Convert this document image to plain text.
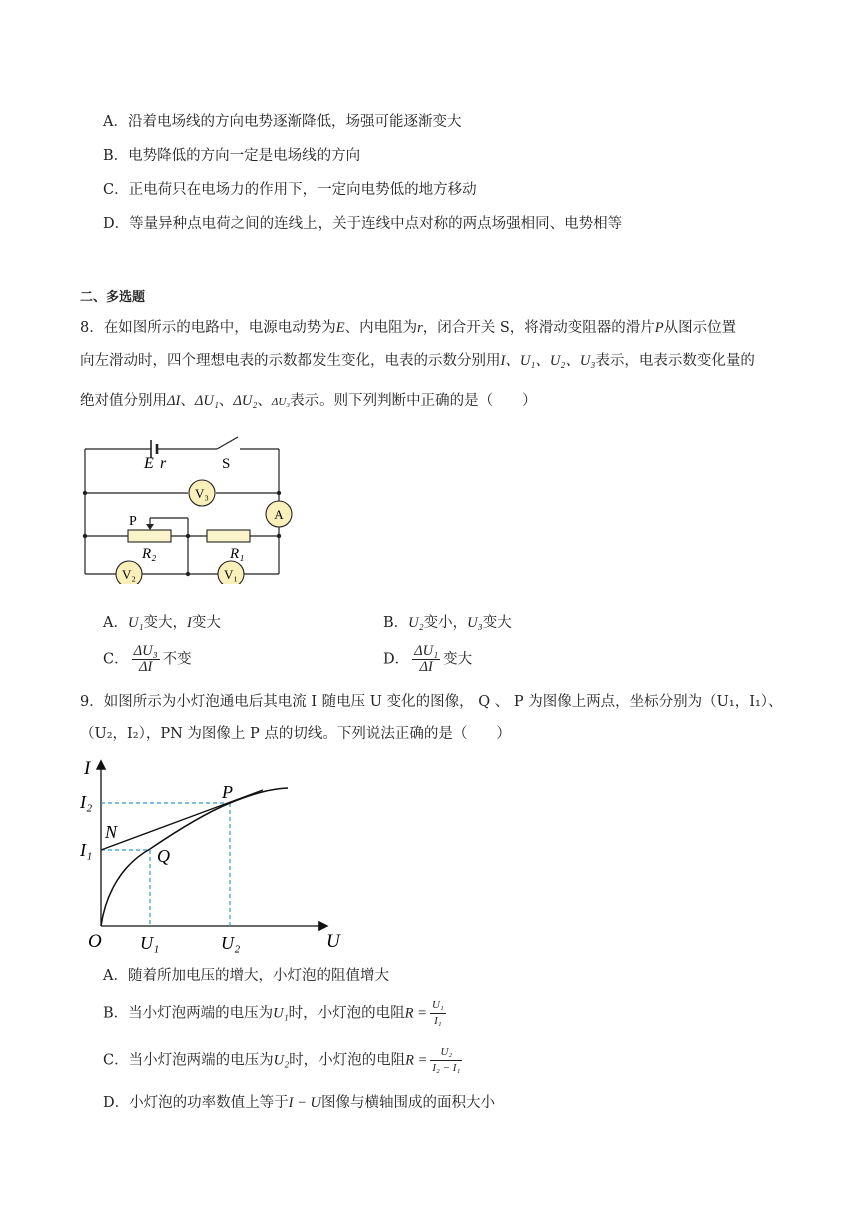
A．沿着电场线的方向电势逐渐降低，场强可能逐渐变大
B．电势降低的方向一定是电场线的方向
C．正电荷只在电场力的作用下，一定向电势低的地方移动
D．等量异种点电荷之间的连线上，关于连线中点对称的两点场强相同、电势相等
二、多选题
8．在如图所示的电路中，电源电动势为E、内电阻为r，闭合开关 S，将滑动变阻器的滑片P从图示位置
向左滑动时，四个理想电表的示数都发生变化，电表的示数分别用I、U₁、U₂、U₃表示，电表示数变化量的
绝对值分别用ΔI、ΔU₁、ΔU₂、ΔU₃表示。则下列判断中正确的是（　　）
E r	S
V₃
A
P
R₂	R₁
V₂	V₁
A．U₁变大，I变大	B．U₂变小，U₃变大
C． $\frac{\text{ΔU₃}}{\Delta I}$ 不变	D． $\frac{\text{ΔU₁}}{\Delta I}$ 变大
9．如图所示为小灯泡通电后其电流 I 随电压 U 变化的图像， Q 、 P 为图像上两点，坐标分别为（U₁，I₁）、
（U₂，I₂），PN 为图像上 P 点的切线。下列说法正确的是（　　）
I
U
O
I₂
I₁
P
N
Q
U₁	U₂
A．随着所加电压的增大，小灯泡的阻值增大
B．当小灯泡两端的电压为U₁时，小灯泡的电阻$R = \frac{\text{U₁}}{\text{I₁}}$
C．当小灯泡两端的电压为U₂时，小灯泡的电阻$R = \frac{\text{U₂}}{\text{I₂ − I₁}}$
D．小灯泡的功率数值上等于I − U图像与横轴围成的面积大小
